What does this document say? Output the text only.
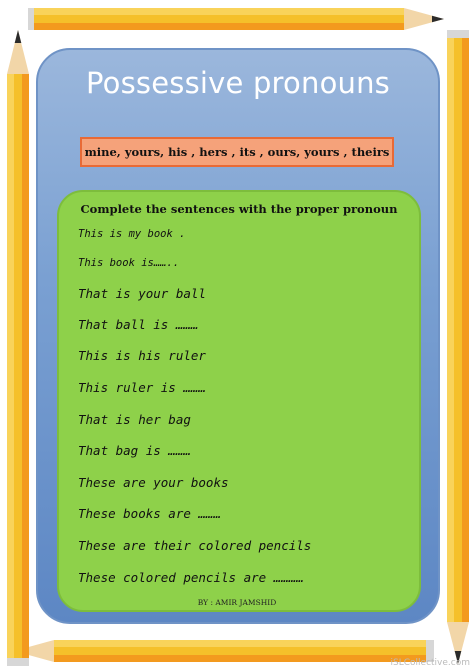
Possessive pronouns
mine, yours, his , hers , its , ours, yours , theirs
Complete the sentences with the proper pronoun
This is my book .
This book is……..
That is your ball
That ball is ………
This is his ruler
This ruler is ………
That is her bag
That bag is ………
These are your books
These books are ………
These are their colored pencils
These colored pencils are …………
BY : AMIR JAMSHID
iSLCollective.com
